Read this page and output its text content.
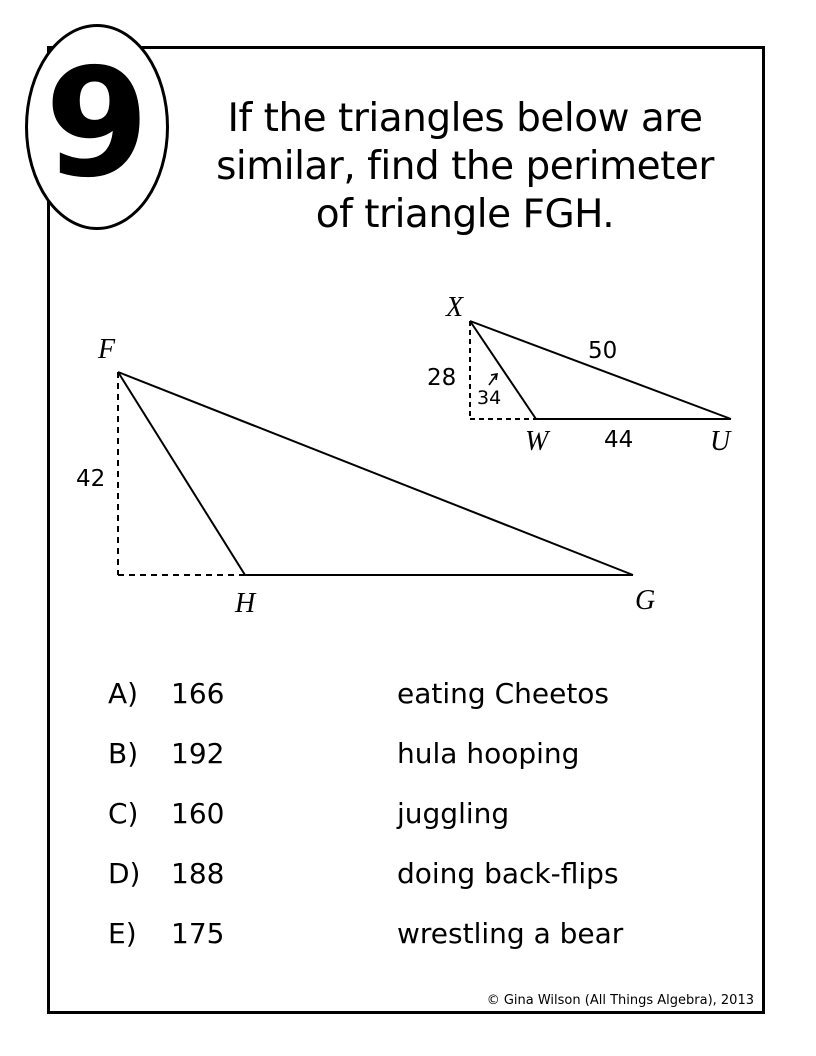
9	If the triangles below are
similar, find the perimeter
of triangle FGH.
F
G
H
42
X
W	U
28
34
50
44
A) 166	eating Cheetos
B) 192	hula hooping
C) 160	juggling
D) 188	doing back-flips
E) 175	wrestling a bear
© Gina Wilson (All Things Algebra), 2013
